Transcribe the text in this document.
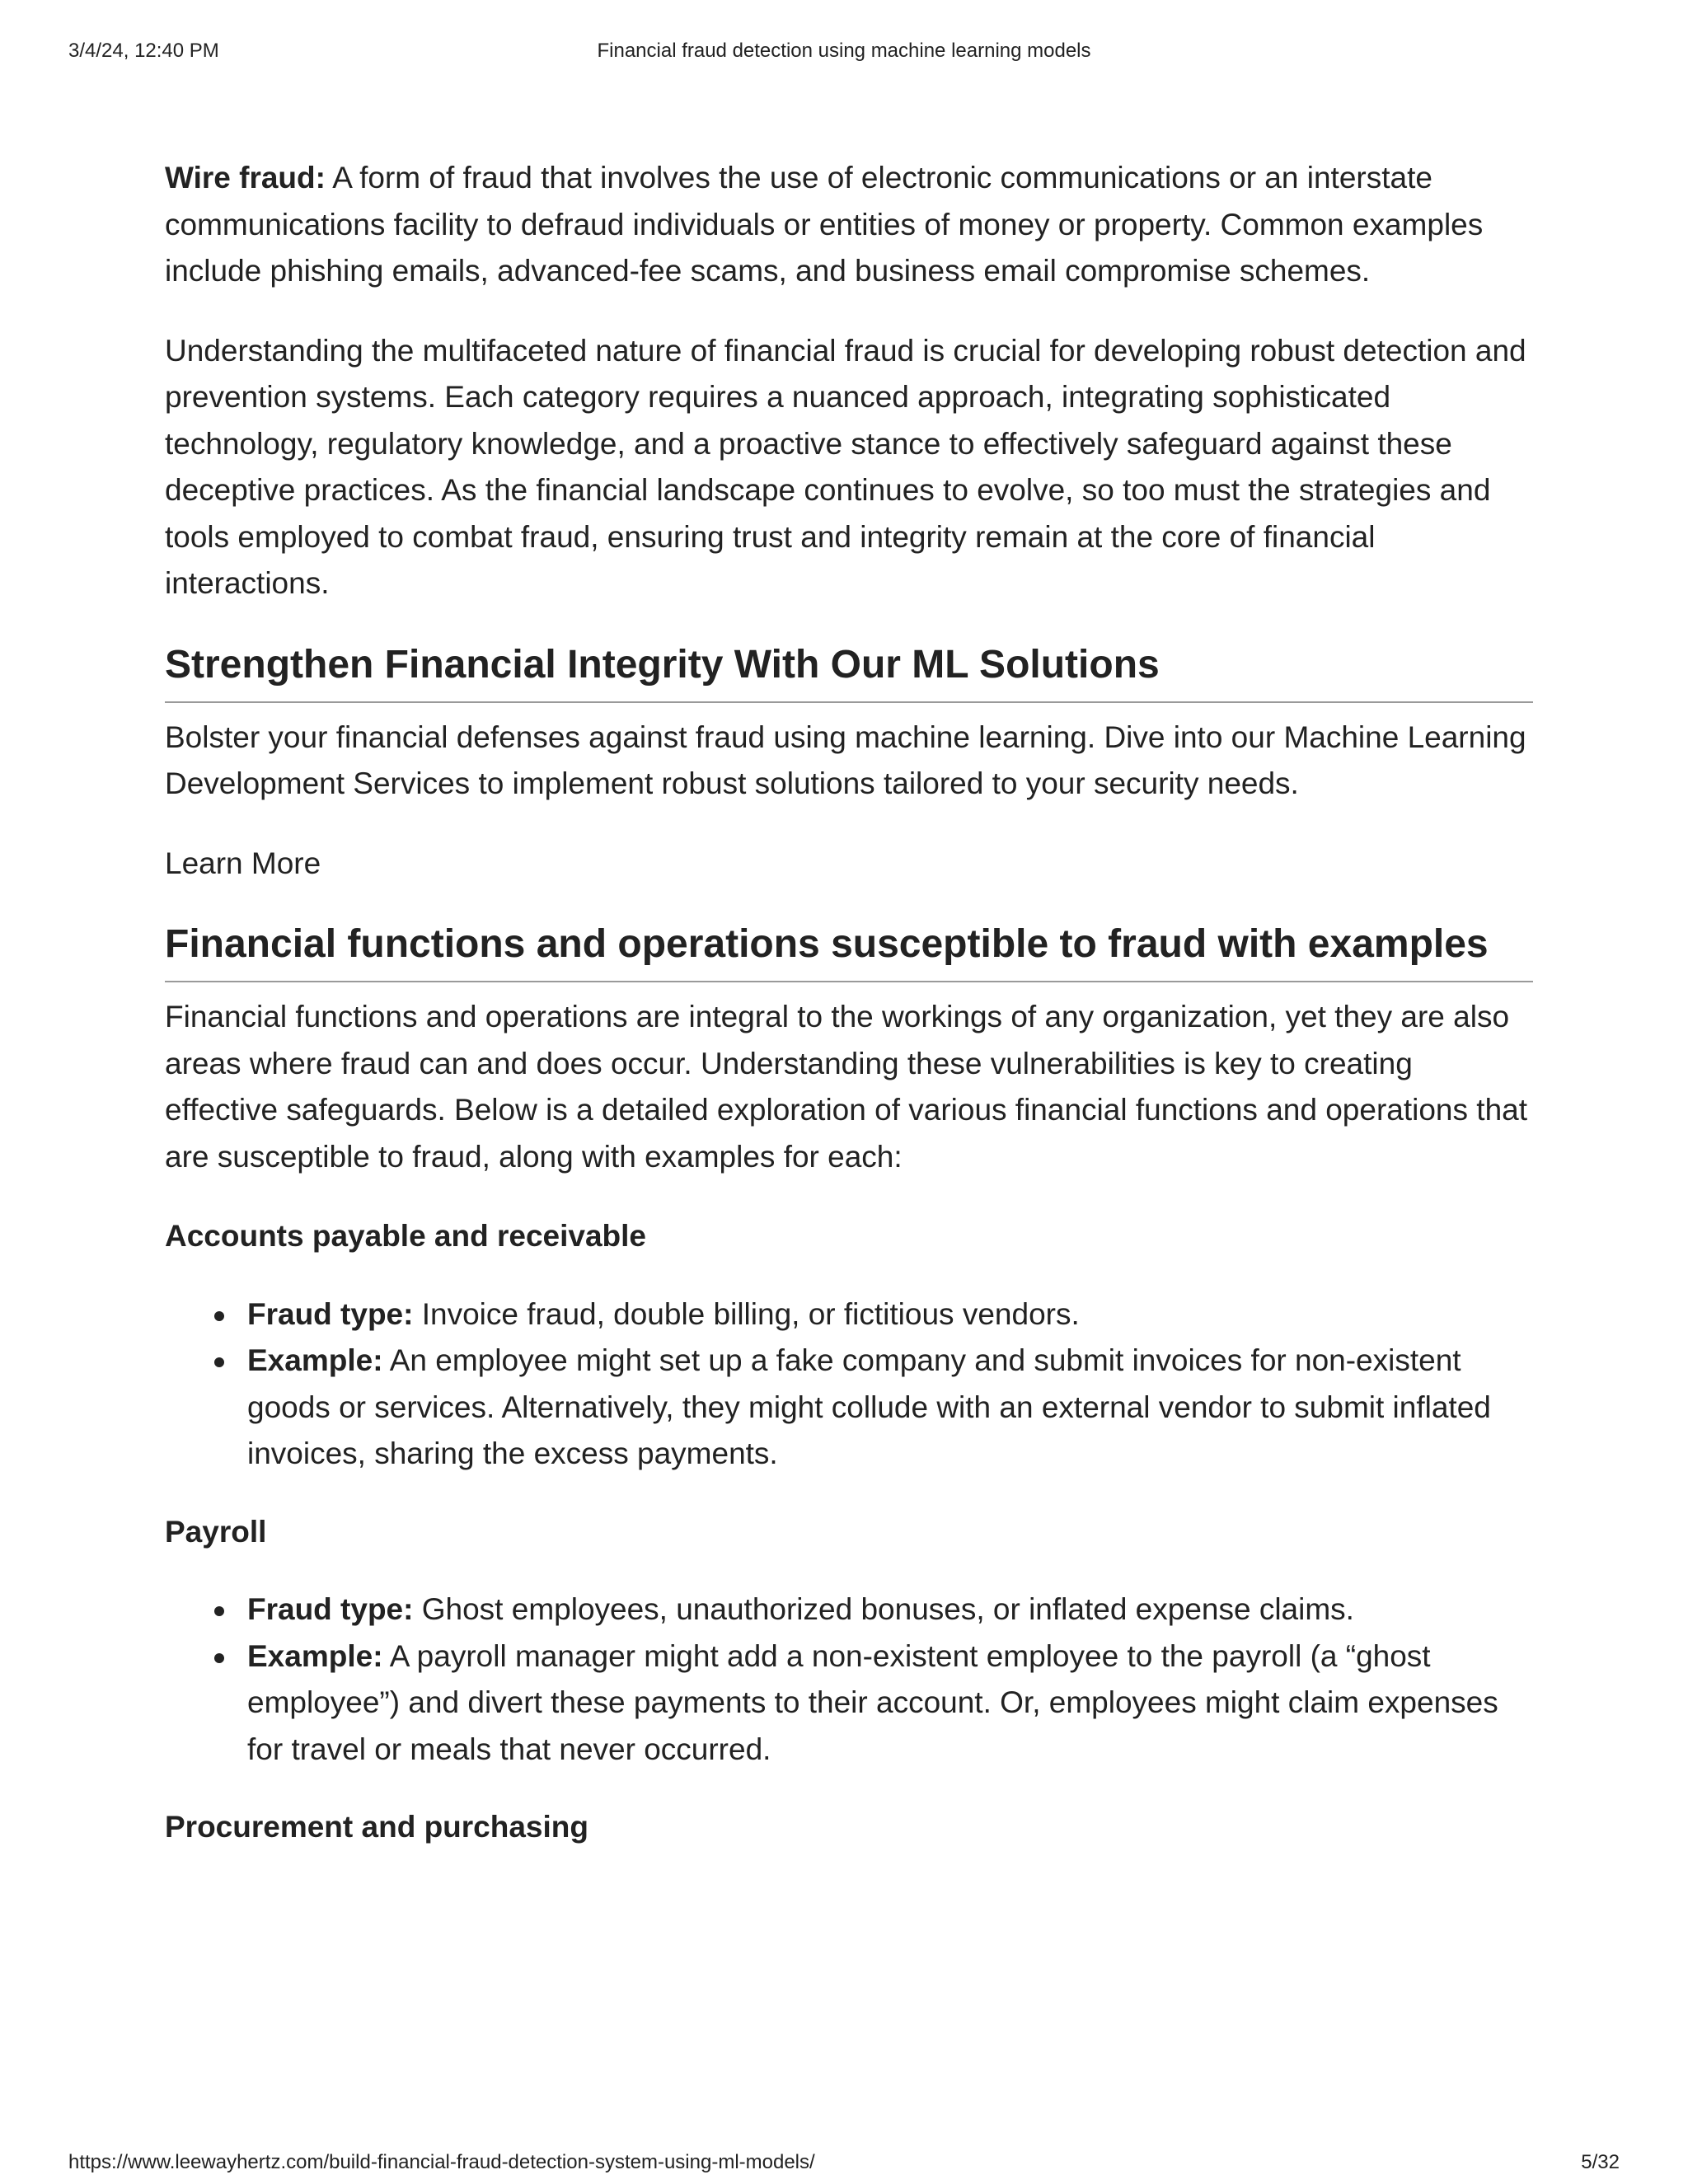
3/4/24, 12:40 PM	Financial fraud detection using machine learning models

Wire fraud: A form of fraud that involves the use of electronic communications or an interstate communications facility to defraud individuals or entities of money or property. Common examples include phishing emails, advanced-fee scams, and business email compromise schemes.

Understanding the multifaceted nature of financial fraud is crucial for developing robust detection and prevention systems. Each category requires a nuanced approach, integrating sophisticated technology, regulatory knowledge, and a proactive stance to effectively safeguard against these deceptive practices. As the financial landscape continues to evolve, so too must the strategies and tools employed to combat fraud, ensuring trust and integrity remain at the core of financial interactions.

Strengthen Financial Integrity With Our ML Solutions

Bolster your financial defenses against fraud using machine learning. Dive into our Machine Learning Development Services to implement robust solutions tailored to your security needs.

Learn More

Financial functions and operations susceptible to fraud with examples

Financial functions and operations are integral to the workings of any organization, yet they are also areas where fraud can and does occur. Understanding these vulnerabilities is key to creating effective safeguards. Below is a detailed exploration of various financial functions and operations that are susceptible to fraud, along with examples for each:

Accounts payable and receivable
Fraud type: Invoice fraud, double billing, or fictitious vendors.
Example: An employee might set up a fake company and submit invoices for non-existent goods or services. Alternatively, they might collude with an external vendor to submit inflated invoices, sharing the excess payments.
Payroll
Fraud type: Ghost employees, unauthorized bonuses, or inflated expense claims.
Example: A payroll manager might add a non-existent employee to the payroll (a “ghost employee”) and divert these payments to their account. Or, employees might claim expenses for travel or meals that never occurred.
Procurement and purchasing
https://www.leewayhertz.com/build-financial-fraud-detection-system-using-ml-models/	5/32
